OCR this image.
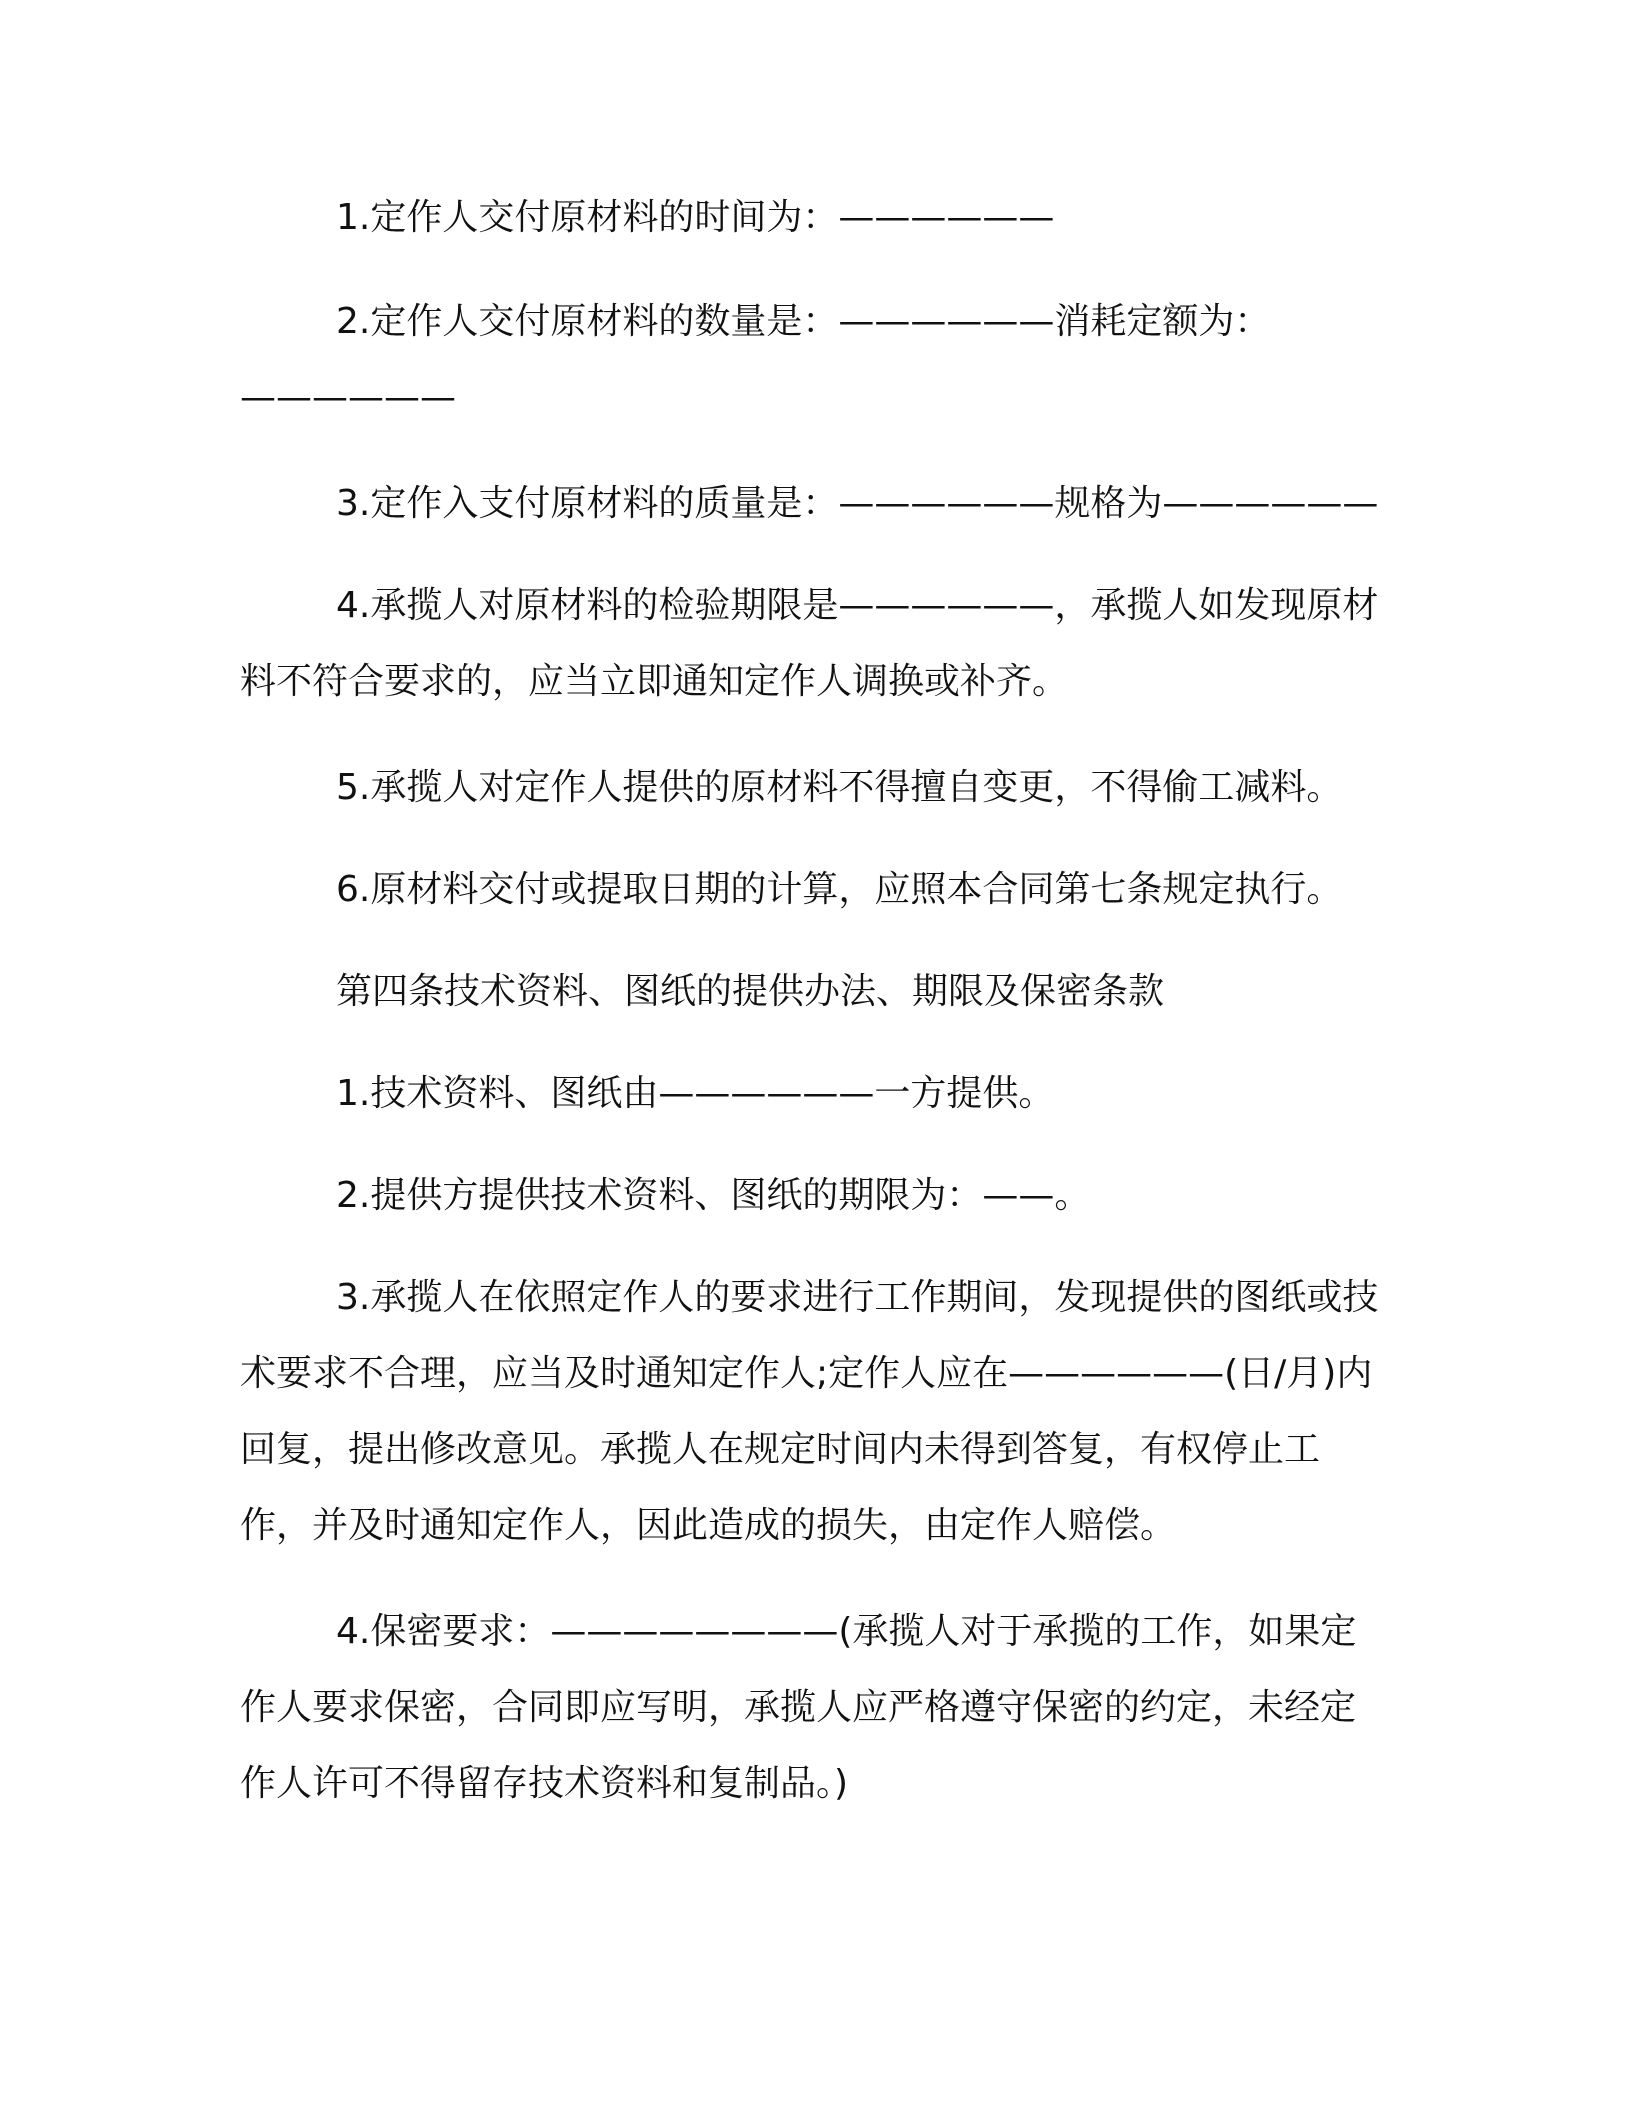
1.定作人交付原材料的时间为：——————

2.定作人交付原材料的数量是：——————消耗定额为：——————

3.定作入支付原材料的质量是：——————规格为——————

4.承揽人对原材料的检验期限是——————，承揽人如发现原材料不符合要求的，应当立即通知定作人调换或补齐。

5.承揽人对定作人提供的原材料不得擅自变更，不得偷工减料。

6.原材料交付或提取日期的计算，应照本合同第七条规定执行。

第四条技术资料、图纸的提供办法、期限及保密条款

1.技术资料、图纸由——————一方提供。

2.提供方提供技术资料、图纸的期限为：——。

3.承揽人在依照定作人的要求进行工作期间，发现提供的图纸或技术要求不合理，应当及时通知定作人;定作人应在——————(日/月)内回复，提出修改意见。承揽人在规定时间内未得到答复，有权停止工作，并及时通知定作人，因此造成的损失，由定作人赔偿。

4.保密要求：————————(承揽人对于承揽的工作，如果定作人要求保密，合同即应写明，承揽人应严格遵守保密的约定，未经定作人许可不得留存技术资料和复制品。)
